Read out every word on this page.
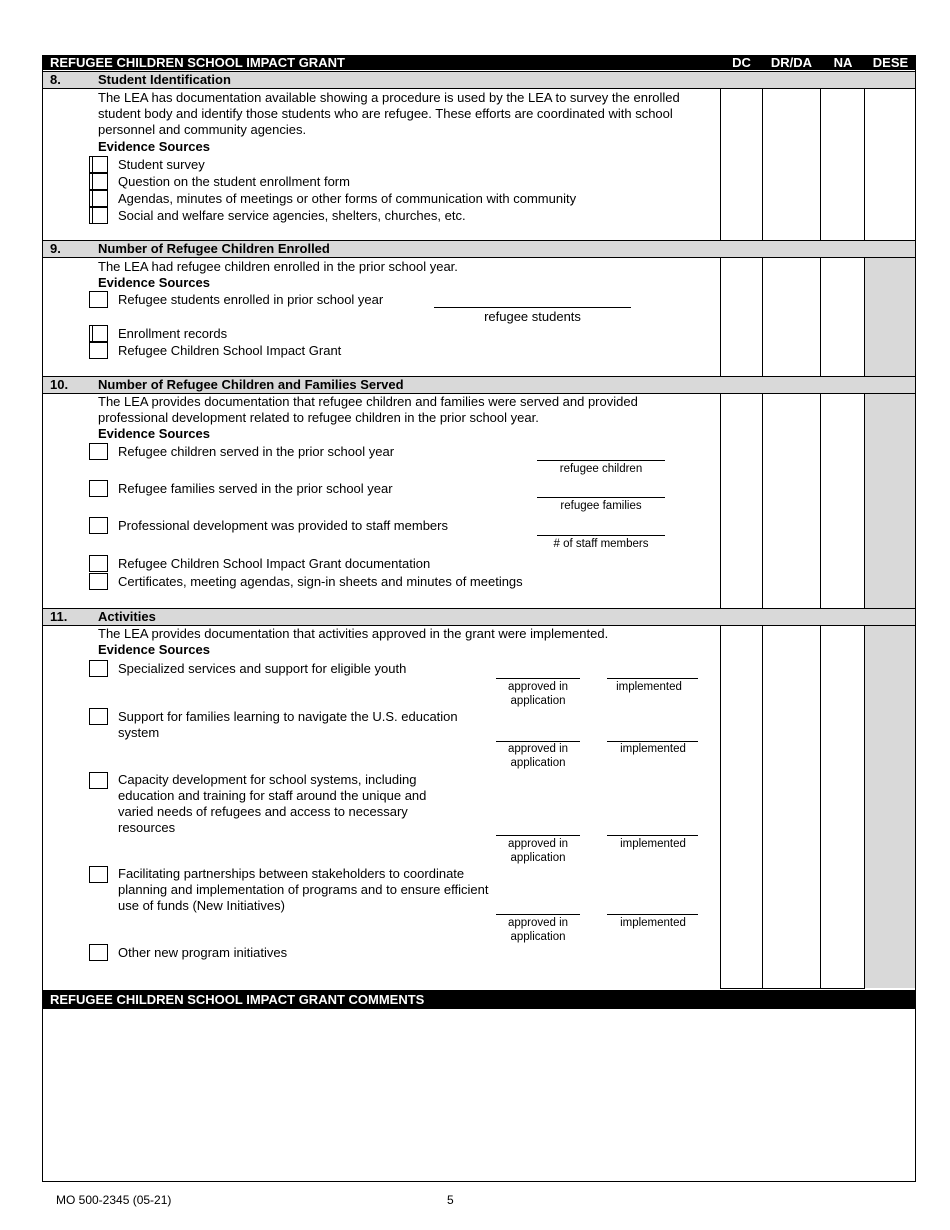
REFUGEE CHILDREN SCHOOL IMPACT GRANT	DC	DR/DA	NA	DESE
8.	Student Identification
The LEA has documentation available showing a procedure is used by the LEA to survey the enrolled student body and identify those students who are refugee. These efforts are coordinated with school personnel and community agencies.
Evidence Sources
Student survey
Question on the student enrollment form
Agendas, minutes of meetings or other forms of communication with community
Social and welfare service agencies, shelters, churches, etc.
9.	Number of Refugee Children Enrolled
The LEA had refugee children enrolled in the prior school year.
Evidence Sources
Refugee students enrolled in prior school year
refugee students
Enrollment records
Refugee Children School Impact Grant
10. Number of Refugee Children and Families Served
The LEA provides documentation that refugee children and families were served and provided professional development related to refugee children in the prior school year.
Evidence Sources
Refugee children served in the prior school year
refugee children
Refugee families served in the prior school year
refugee families
Professional development was provided to staff members
# of staff members
Refugee Children School Impact Grant documentation
Certificates, meeting agendas, sign-in sheets and minutes of meetings
11. Activities
The LEA provides documentation that activities approved in the grant were implemented.
Evidence Sources
Specialized services and support for eligible youth
approved in application
implemented
Support for families learning to navigate the U.S. education system
approved in application
implemented
Capacity development for school systems, including education and training for staff around the unique and varied needs of refugees and access to necessary resources
approved in application
implemented
Facilitating partnerships between stakeholders to coordinate planning and implementation of programs and to ensure efficient use of funds (New Initiatives)
approved in application
implemented
Other new program initiatives
REFUGEE CHILDREN SCHOOL IMPACT GRANT COMMENTS
MO 500-2345 (05-21)	5
